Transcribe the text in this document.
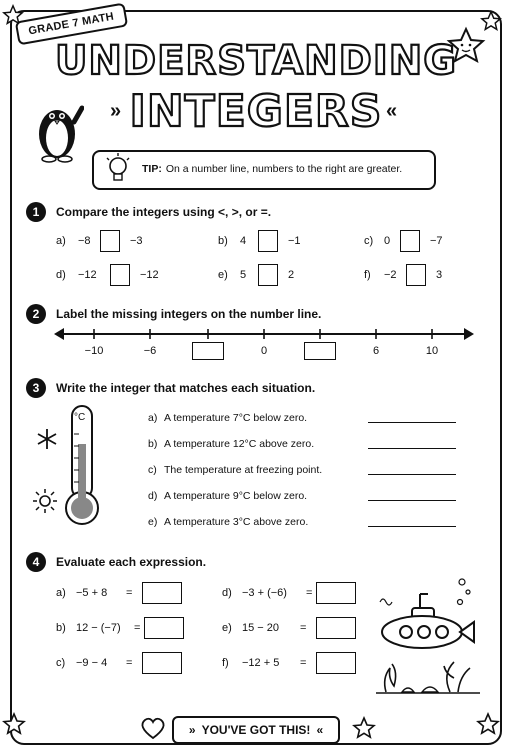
GRADE 7 MATH
UNDERSTANDING
INTEGERS
»	«
TIP: On a number line, numbers to the right are greater.
1	Compare the integers using <, >, or =.
a)	−8	−3	b)	4	−1	c) 0	−7
d)	−12	−12	e)	5	2	f)	−2	3
2	Label the missing integers on the number line.
−10	−6	0	6	10
3	Write the integer that matches each situation.
°C	a) A temperature 7°C below zero.
b) A temperature 12°C above zero.
c) The temperature at freezing point.
d) A temperature 9°C below zero.
e) A temperature 3°C above zero.
4	Evaluate each expression.
a) −5 + 8	=
b) 12 − (−7)	=
c) −9 − 4	=
d) −3 + (−6)	=
e) 15 − 20	=
f)	−12 + 5	=
» YOU'VE GOT THIS! «
